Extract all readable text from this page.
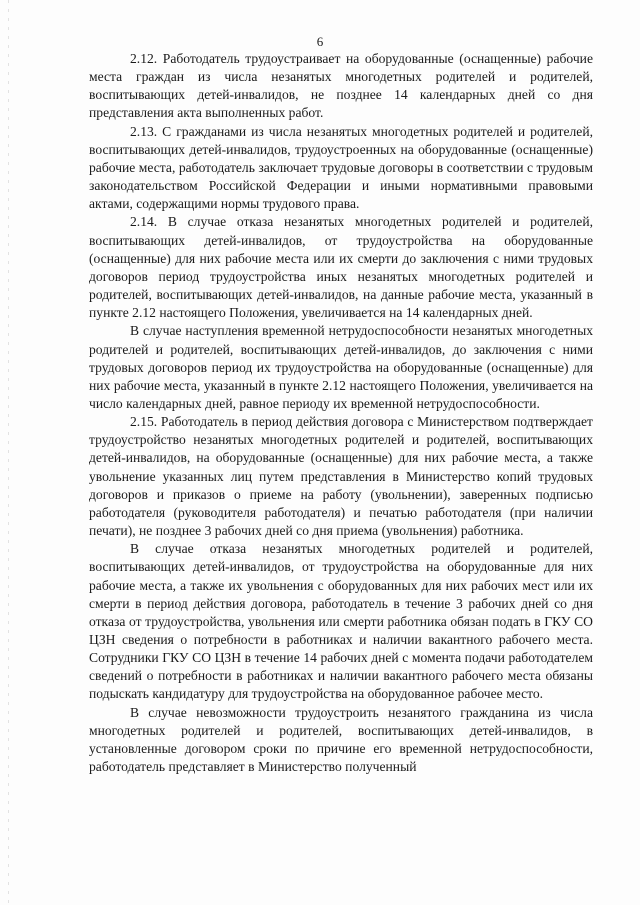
6

2.12. Работодатель трудоустраивает на оборудованные (оснащенные) рабочие места граждан из числа незанятых многодетных родителей и родителей, воспитывающих детей-инвалидов, не позднее 14 календарных дней со дня представления акта выполненных работ.

2.13. С гражданами из числа незанятых многодетных родителей и родителей, воспитывающих детей-инвалидов, трудоустроенных на оборудованные (оснащенные) рабочие места, работодатель заключает трудовые договоры в соответствии с трудовым законодательством Российской Федерации и иными нормативными правовыми актами, содержащими нормы трудового права.

2.14. В случае отказа незанятых многодетных родителей и родителей, воспитывающих детей-инвалидов, от трудоустройства на оборудованные (оснащенные) для них рабочие места или их смерти до заключения с ними трудовых договоров период трудоустройства иных незанятых многодетных родителей и родителей, воспитывающих детей-инвалидов, на данные рабочие места, указанный в пункте 2.12 настоящего Положения, увеличивается на 14 календарных дней.

В случае наступления временной нетрудоспособности незанятых многодетных родителей и родителей, воспитывающих детей-инвалидов, до заключения с ними трудовых договоров период их трудоустройства на оборудованные (оснащенные) для них рабочие места, указанный в пункте 2.12 настоящего Положения, увеличивается на число календарных дней, равное периоду их временной нетрудоспособности.

2.15. Работодатель в период действия договора с Министерством подтверждает трудоустройство незанятых многодетных родителей и родителей, воспитывающих детей-инвалидов, на оборудованные (оснащенные) для них рабочие места, а также увольнение указанных лиц путем представления в Министерство копий трудовых договоров и приказов о приеме на работу (увольнении), заверенных подписью работодателя (руководителя работодателя) и печатью работодателя (при наличии печати), не позднее 3 рабочих дней со дня приема (увольнения) работника.

В случае отказа незанятых многодетных родителей и родителей, воспитывающих детей-инвалидов, от трудоустройства на оборудованные для них рабочие места, а также их увольнения с оборудованных для них рабочих мест или их смерти в период действия договора, работодатель в течение 3 рабочих дней со дня отказа от трудоустройства, увольнения или смерти работника обязан подать в ГКУ СО ЦЗН сведения о потребности в работниках и наличии вакантного рабочего места. Сотрудники ГКУ СО ЦЗН в течение 14 рабочих дней с момента подачи работодателем сведений о потребности в работниках и наличии вакантного рабочего места обязаны подыскать кандидатуру для трудоустройства на оборудованное рабочее место.

В случае невозможности трудоустроить незанятого гражданина из числа многодетных родителей и родителей, воспитывающих детей-инвалидов, в установленные договором сроки по причине его временной нетрудоспособности, работодатель представляет в Министерство полученный
